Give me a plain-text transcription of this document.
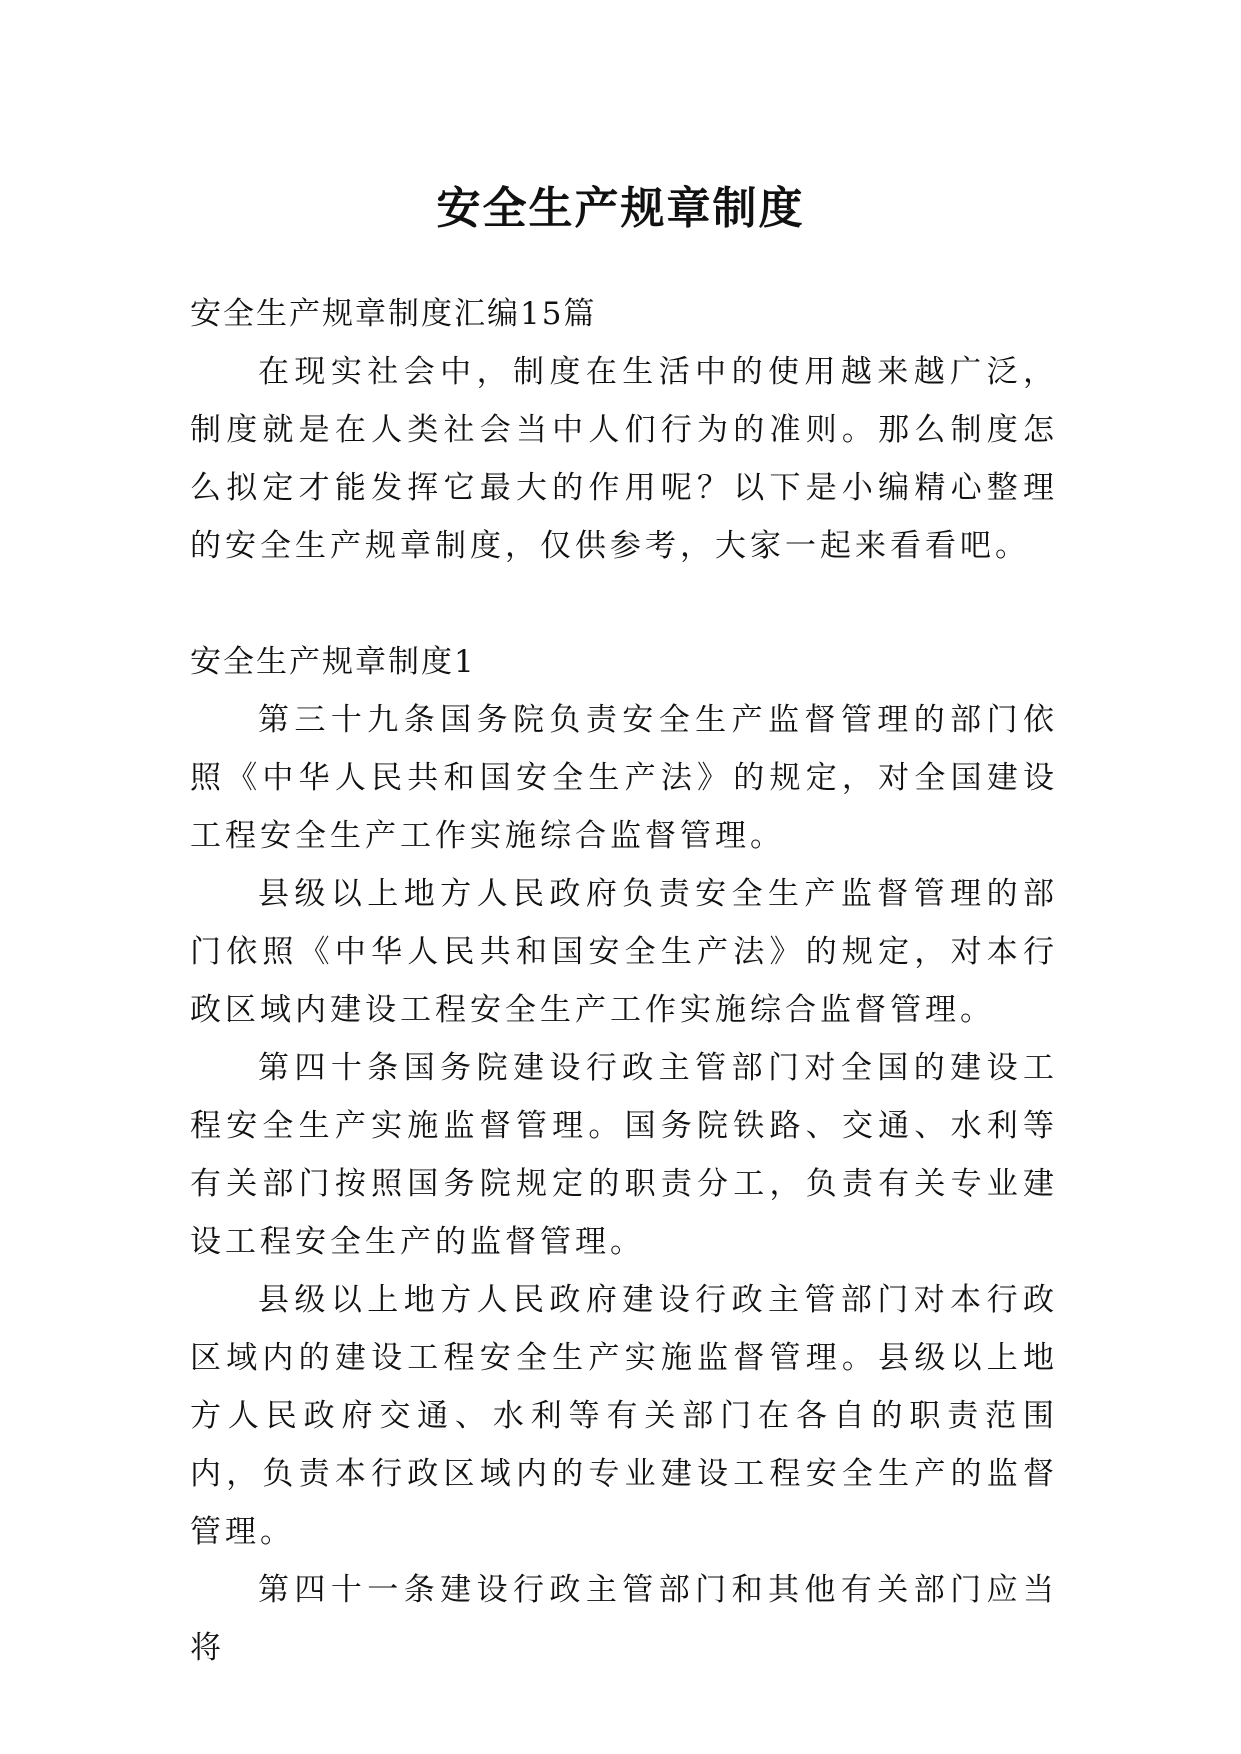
安全生产规章制度

安全生产规章制度汇编15篇

在现实社会中，制度在生活中的使用越来越广泛，制度就是在人类社会当中人们行为的准则。那么制度怎么拟定才能发挥它最大的作用呢？以下是小编精心整理的安全生产规章制度，仅供参考，大家一起来看看吧。

安全生产规章制度1

第三十九条国务院负责安全生产监督管理的部门依照《中华人民共和国安全生产法》的规定，对全国建设工程安全生产工作实施综合监督管理。

县级以上地方人民政府负责安全生产监督管理的部门依照《中华人民共和国安全生产法》的规定，对本行政区域内建设工程安全生产工作实施综合监督管理。

第四十条国务院建设行政主管部门对全国的建设工程安全生产实施监督管理。国务院铁路、交通、水利等有关部门按照国务院规定的职责分工，负责有关专业建设工程安全生产的监督管理。

县级以上地方人民政府建设行政主管部门对本行政区域内的建设工程安全生产实施监督管理。县级以上地方人民政府交通、水利等有关部门在各自的职责范围内，负责本行政区域内的专业建设工程安全生产的监督管理。

第四十一条建设行政主管部门和其他有关部门应当将
